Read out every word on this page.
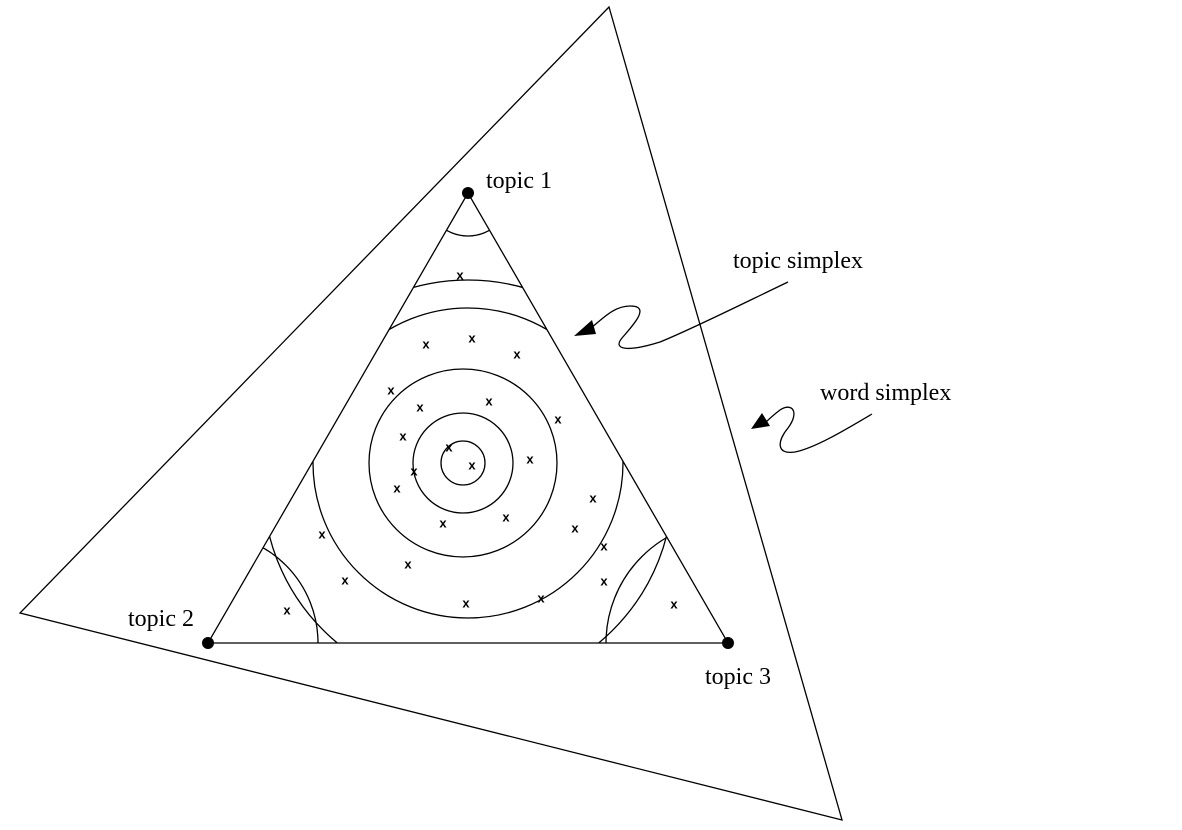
x
x
x
x
x
x	x
x
x
x
x	x	x
x
x
x
x	x
x
x
x
x	x
x
x
x	x
topic 1
topic 2
topic 3
topic simplex
word simplex
